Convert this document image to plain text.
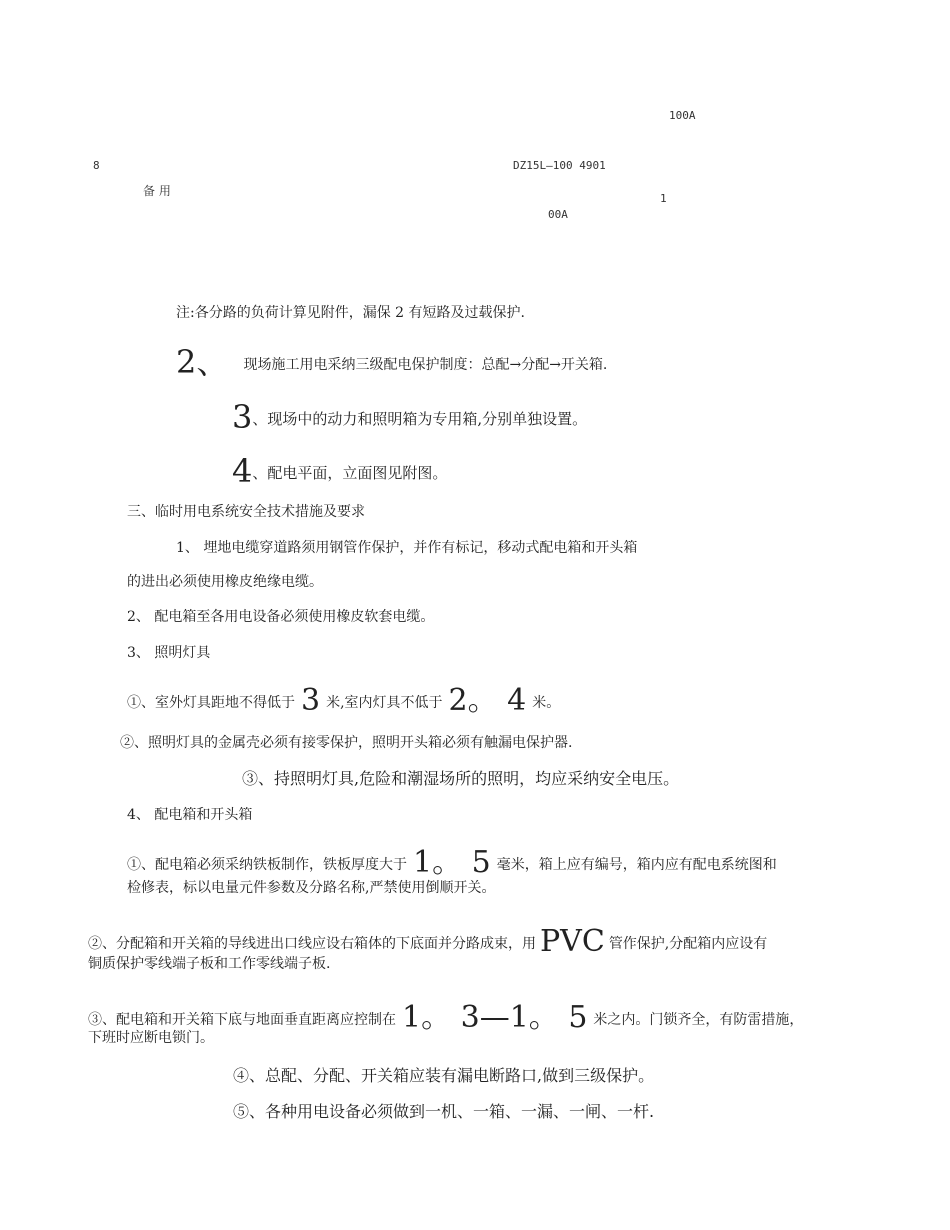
100A
8	DZ15L—100 4901
备 用
1
00A
注:各分路的负荷计算见附件，漏保 2 有短路及过载保护.
2、 现场施工用电采纳三级配电保护制度：总配→分配→开关箱.
3、现场中的动力和照明箱为专用箱,分别单独设置。
4、配电平面，立面图见附图。
三、临时用电系统安全技术措施及要求
1、 埋地电缆穿道路须用钢管作保护，并作有标记，移动式配电箱和开头箱
的进出必须使用橡皮绝缘电缆。
2、 配电箱至各用电设备必须使用橡皮软套电缆。
3、 照明灯具
①、室外灯具距地不得低于 3 米,室内灯具不低于 2。 4 米。
②、照明灯具的金属壳必须有接零保护，照明开头箱必须有触漏电保护器.
③、持照明灯具,危险和潮湿场所的照明，均应采纳安全电压。
4、 配电箱和开头箱
①、配电箱必须采纳铁板制作，铁板厚度大于 1。 5 毫米，箱上应有编号，箱内应有配电系统图和
检修表，标以电量元件参数及分路名称,严禁使用倒顺开关。
②、分配箱和开关箱的导线进出口线应设右箱体的下底面并分路成束，用 PVC 管作保护,分配箱内应设有
铜质保护零线端子板和工作零线端子板.
③、配电箱和开关箱下底与地面垂直距离应控制在 1。 3—1。 5 米之内。门锁齐全，有防雷措施，
下班时应断电锁门。
④、总配、分配、开关箱应装有漏电断路口,做到三级保护。
⑤、各种用电设备必须做到一机、一箱、一漏、一闸、一杆.
